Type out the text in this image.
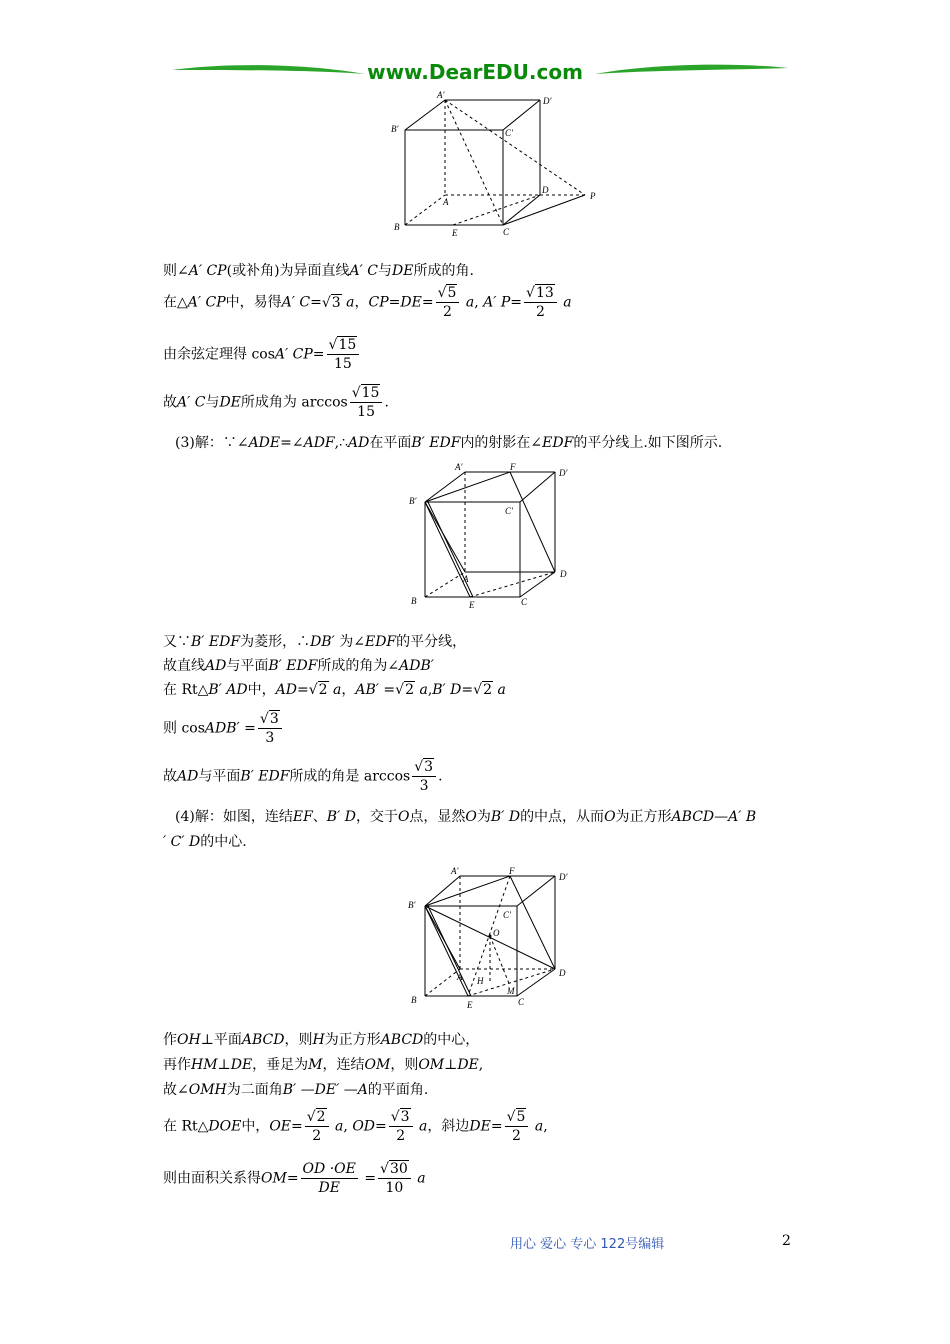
www.DearEDU.com
A′
D′
B′	C′
A
D
P
B
E	C
则∠A′ CP(或补角)为异面直线A′ C与DE所成的角.
在△A′ CP中，易得A′ C=√3 a，$CP=DE= \frac{√5}{2} a$, A′ $P= \frac{√13}{2}$ a
由余弦定理得 cosA′ $CP= \frac{√15}{15}$
故A′ C与DE所成角为 $\arccos \frac{√15}{15}$ .
(3)解：∵∠ADE=∠ADF,∴AD在平面B′ EDF内的射影在∠EDF的平分线上.如下图所示.
A′	F
D′
B′
C′
A	D
B	E	C
又∵B′ EDF为菱形，∴DB′ 为∠EDF的平分线，
故直线AD与平面B′ EDF所成的角为∠ADB′
在 Rt△B′ AD中，AD=√2 a，AB′ =√2 a,B′ D=√2 a
则 cosADB′ = $\frac{√3}{3}$
故AD与平面B′ EDF所成的角是 $\arccos \frac{√3}{3}$ .
(4)解：如图，连结EF、B′ D，交于O点，显然O为B′ D的中点，从而O为正方形ABCD—A′ B
′ C′ D的中心.
A′	F
D′
B′
C′
O
A H
M
D
B	E	C
作OH⊥平面ABCD，则H为正方形ABCD的中心，
再作HM⊥DE，垂足为M，连结OM，则OM⊥DE,
故∠OMH为二面角B′ —DE′ —A的平面角.
在 Rt△DOE中，$OE= \frac{√2}{2} a$, $OD= \frac{√3}{2}$ a，斜边$DE= \frac{√5}{2} a$,
则由面积关系得$OM= \frac{OD \cdot OE}{DE} = \frac{√30}{10}$ a
用心 爱心 专心 122号编辑	2
